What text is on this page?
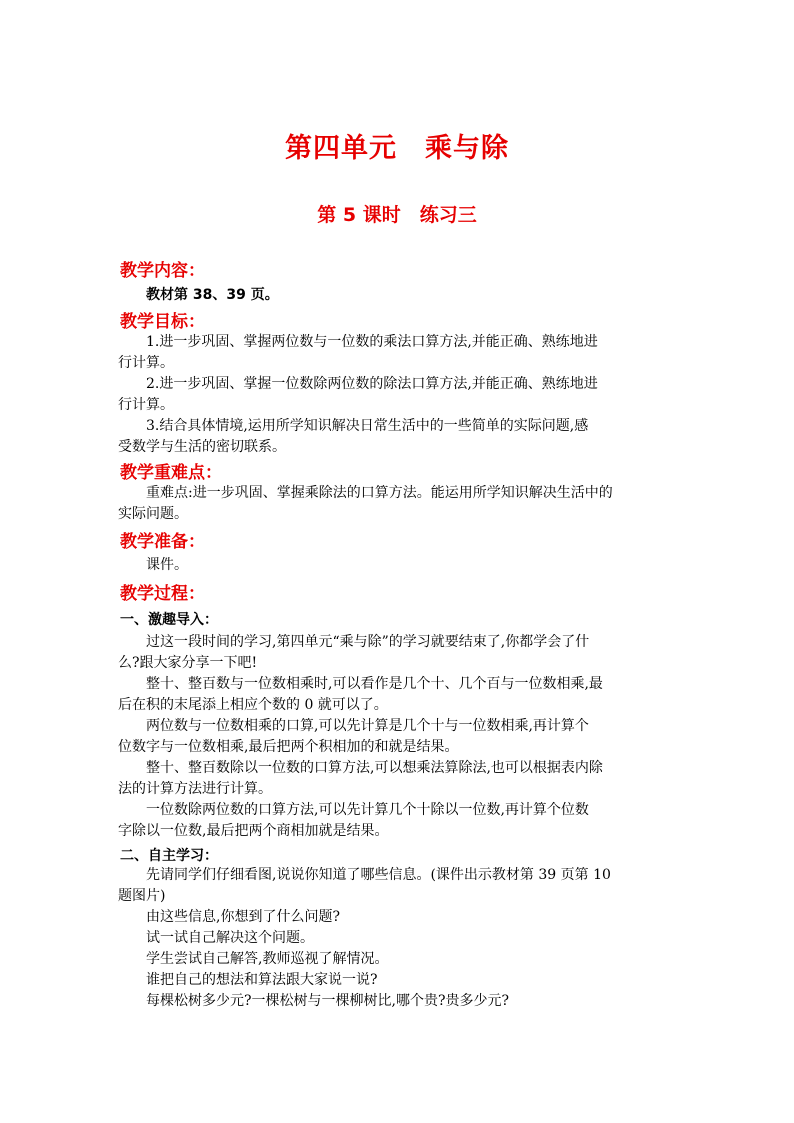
第四单元　乘与除
第 5 课时　练习三
教学内容：
教材第 38、39 页。
教学目标：
1.进一步巩固、掌握两位数与一位数的乘法口算方法,并能正确、熟练地进
行计算。
2.进一步巩固、掌握一位数除两位数的除法口算方法,并能正确、熟练地进
行计算。
3.结合具体情境,运用所学知识解决日常生活中的一些简单的实际问题,感
受数学与生活的密切联系。
教学重难点：
重难点:进一步巩固、掌握乘除法的口算方法。能运用所学知识解决生活中的
实际问题。
教学准备：
课件。
教学过程：
一、激趣导入：
过这一段时间的学习,第四单元“乘与除”的学习就要结束了,你都学会了什
么?跟大家分享一下吧!
整十、整百数与一位数相乘时,可以看作是几个十、几个百与一位数相乘,最
后在积的末尾添上相应个数的 0 就可以了。
两位数与一位数相乘的口算,可以先计算是几个十与一位数相乘,再计算个
位数字与一位数相乘,最后把两个积相加的和就是结果。
整十、整百数除以一位数的口算方法,可以想乘法算除法,也可以根据表内除
法的计算方法进行计算。
一位数除两位数的口算方法,可以先计算几个十除以一位数,再计算个位数
字除以一位数,最后把两个商相加就是结果。
二、自主学习：
先请同学们仔细看图,说说你知道了哪些信息。(课件出示教材第 39 页第 10
题图片)
由这些信息,你想到了什么问题?
试一试自己解决这个问题。
学生尝试自己解答,教师巡视了解情况。
谁把自己的想法和算法跟大家说一说?
每棵松树多少元?一棵松树与一棵柳树比,哪个贵?贵多少元?
